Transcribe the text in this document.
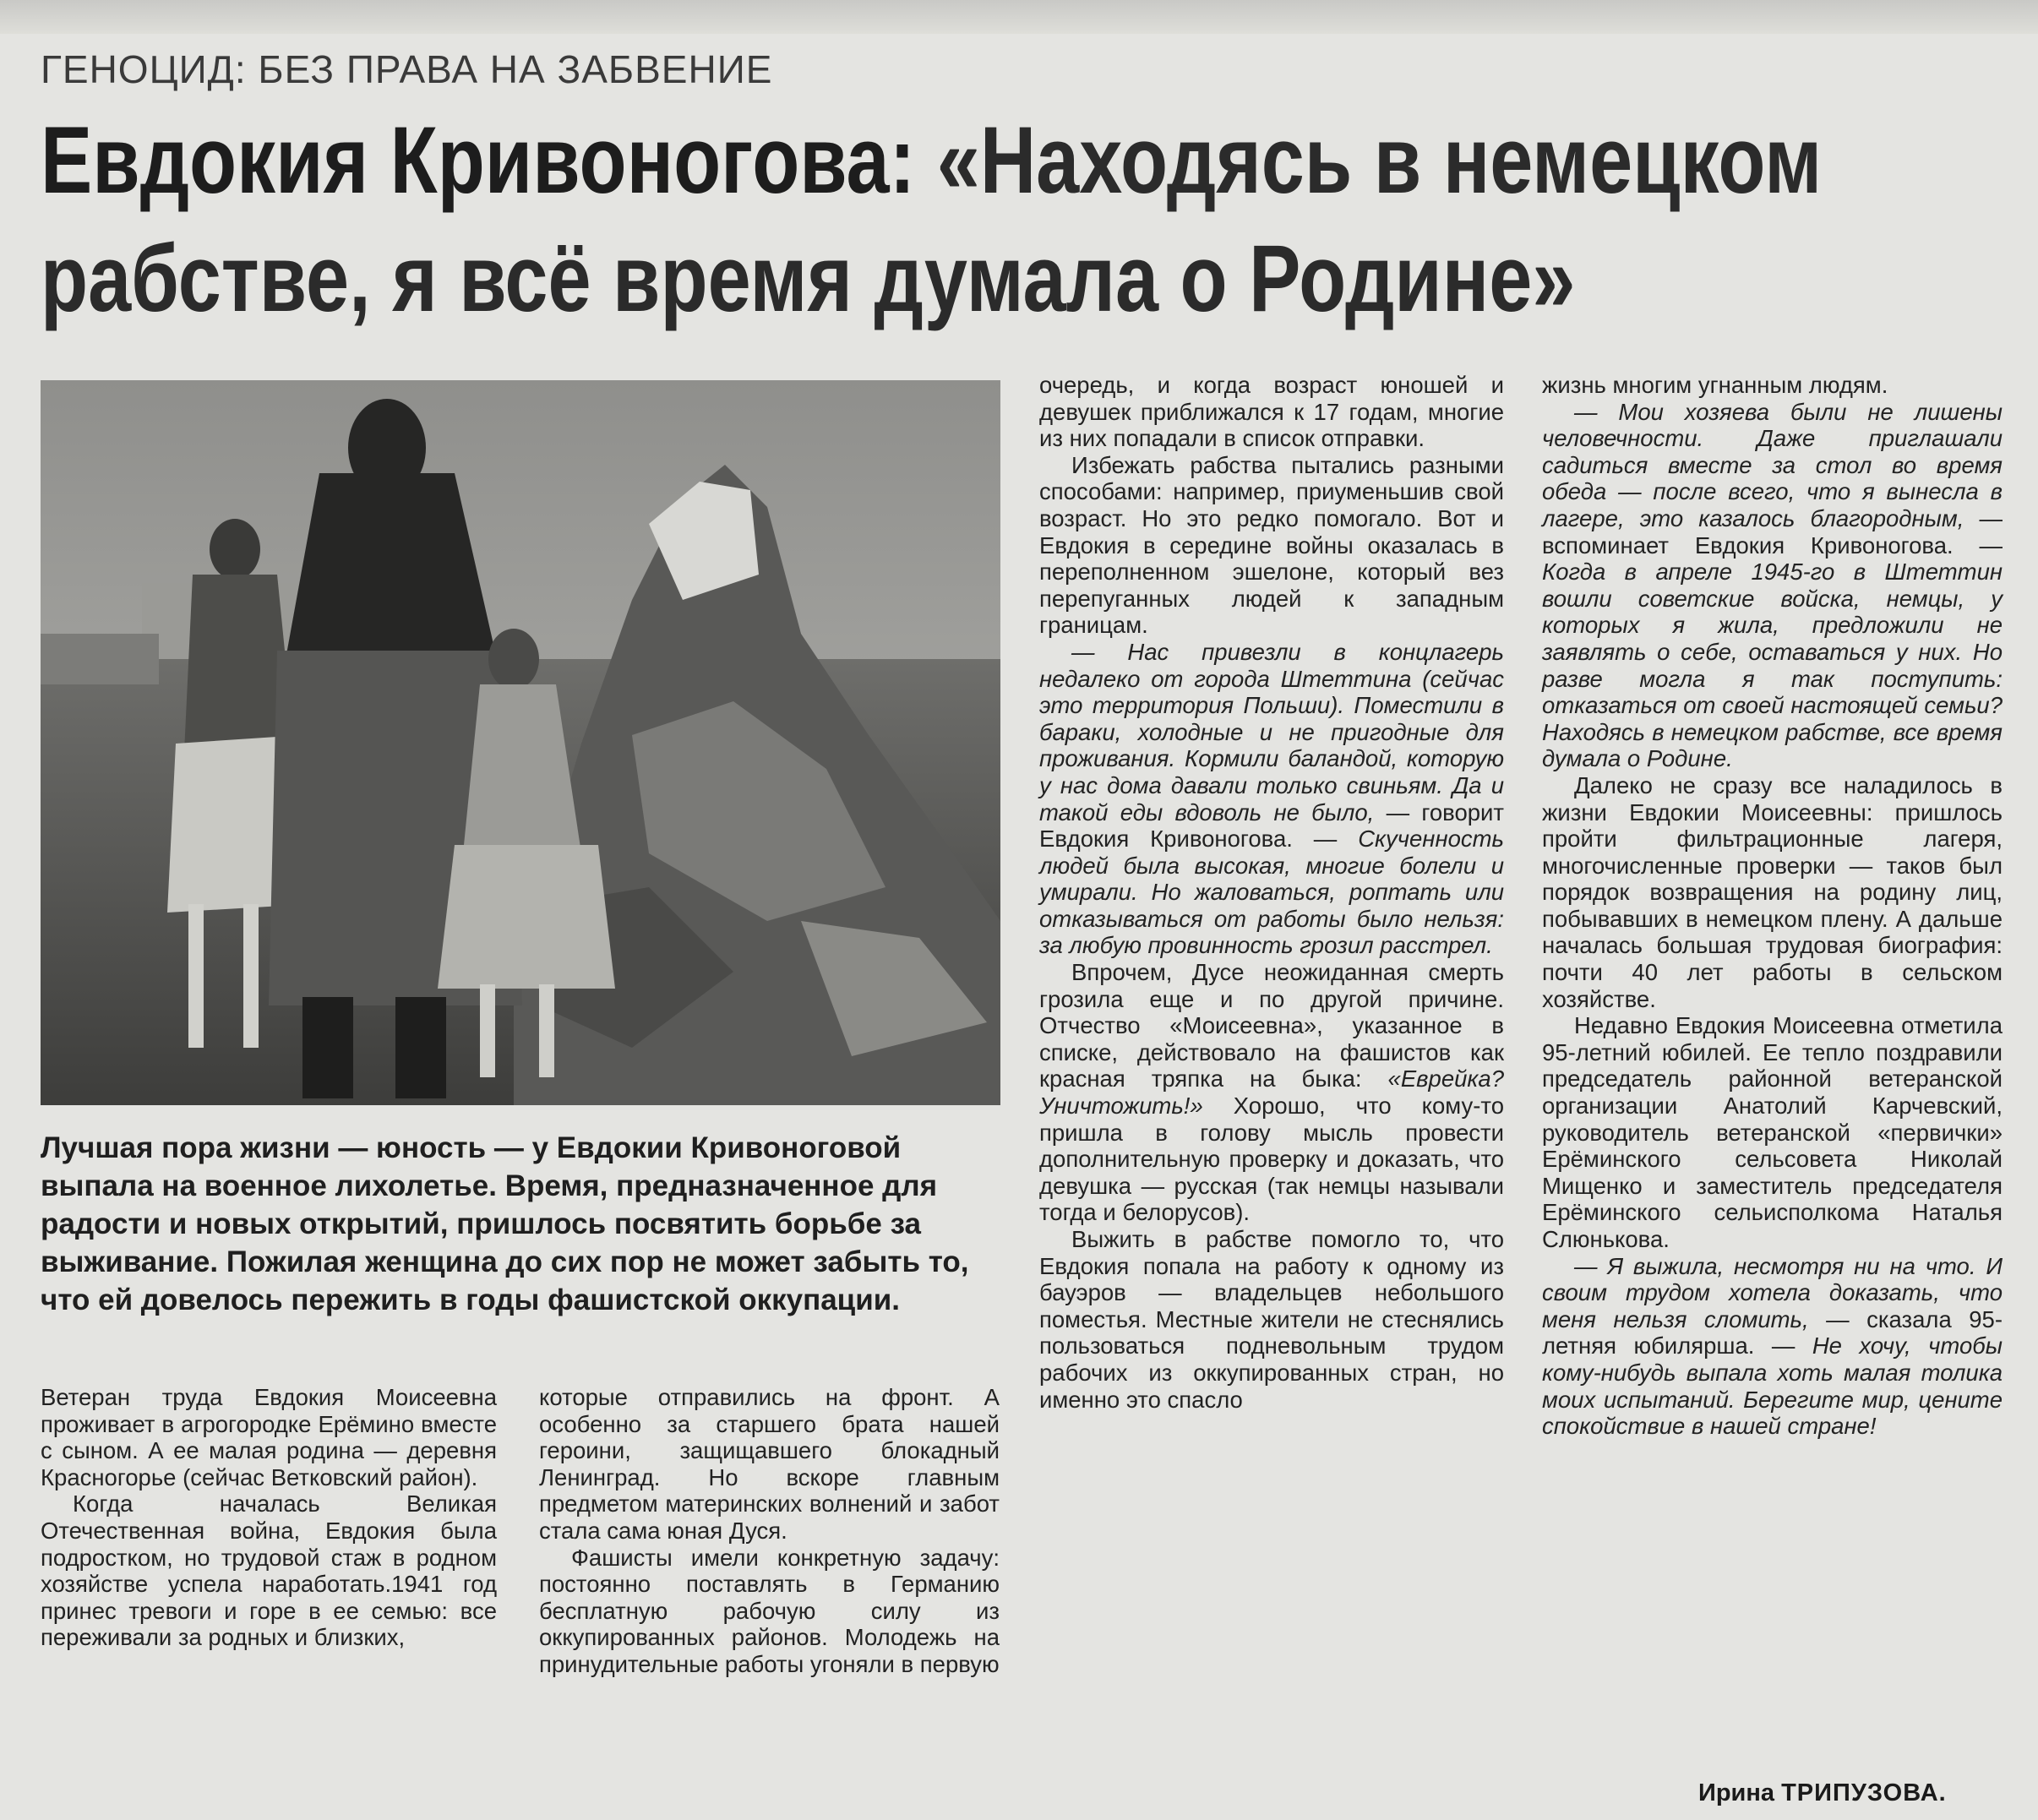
ГЕНОЦИД: БЕЗ ПРАВА НА ЗАБВЕНИЕ
Евдокия Кривоногова: «Находясь в немецком рабстве, я всё время думала о Родине»

Лучшая пора жизни — юность — у Евдокии Кривоноговой выпала на военное лихолетье. Время, предназначенное для радости и новых открытий, пришлось посвятить борьбе за выживание. Пожилая женщина до сих пор не может забыть то, что ей довелось пережить в годы фашистской оккупации.

Ветеран труда Евдокия Моисеевна проживает в агрогородке Ерёмино вместе с сыном. А ее малая родина — деревня Красногорье (сейчас Ветковский район).

Когда началась Великая Отечественная война, Евдокия была подростком, но трудовой стаж в родном хозяйстве успела наработать.1941 год принес тревоги и горе в ее семью: все переживали за родных и близких,

которые отправились на фронт. А особенно за старшего брата нашей героини, защищавшего блокадный Ленинград. Но вскоре главным предметом материнских волнений и забот стала сама юная Дуся.

Фашисты имели конкретную задачу: постоянно поставлять в Германию бесплатную рабочую силу из оккупированных районов. Молодежь на принудительные работы угоняли в первую

очередь, и когда возраст юношей и девушек приближался к 17 годам, многие из них попадали в список отправки.

Избежать рабства пытались разными способами: например, приуменьшив свой возраст. Но это редко помогало. Вот и Евдокия в середине войны оказалась в переполненном эшелоне, который вез перепуганных людей к западным границам.

— Нас привезли в концлагерь недалеко от города Штеттина (сейчас это территория Польши). Поместили в бараки, холодные и не пригодные для проживания. Кормили баландой, которую у нас дома давали только свиньям. Да и такой еды вдоволь не было, — говорит Евдокия Кривоногова. — Скученность людей была высокая, многие болели и умирали. Но жаловаться, роптать или отказываться от работы было нельзя: за любую провинность грозил расстрел.

Впрочем, Дусе неожиданная смерть грозила еще и по другой причине. Отчество «Моисеевна», указанное в списке, действовало на фашистов как красная тряпка на быка: «Еврейка? Уничтожить!» Хорошо, что кому-то пришла в голову мысль провести дополнительную проверку и доказать, что девушка — русская (так немцы называли тогда и белорусов).

Выжить в рабстве помогло то, что Евдокия попала на работу к одному из бауэров — владельцев небольшого поместья. Местные жители не стеснялись пользоваться подневольным трудом рабочих из оккупированных стран, но именно это спасло

жизнь многим угнанным людям.

— Мои хозяева были не лишены человечности. Даже приглашали садиться вместе за стол во время обеда — после всего, что я вынесла в лагере, это казалось благородным, — вспоминает Евдокия Кривоногова. — Когда в апреле 1945-го в Штеттин вошли советские войска, немцы, у которых я жила, предложили не заявлять о себе, оставаться у них. Но разве могла я так поступить: отказаться от своей настоящей семьи? Находясь в немецком рабстве, все время думала о Родине.

Далеко не сразу все наладилось в жизни Евдокии Моисеевны: пришлось пройти фильтрационные лагеря, многочисленные проверки — таков был порядок возвращения на родину лиц, побывавших в немецком плену. А дальше началась большая трудовая биография: почти 40 лет работы в сельском хозяйстве.

Недавно Евдокия Моисеевна отметила 95-летний юбилей. Ее тепло поздравили председатель районной ветеранской организации Анатолий Карчевский, руководитель ветеранской «первички» Ерёминского сельсовета Николай Мищенко и заместитель председателя Ерёминского сельисполкома Наталья Слюнькова.

— Я выжила, несмотря ни на что. И своим трудом хотела доказать, что меня нельзя сломить, — сказала 95-летняя юбилярша. — Не хочу, чтобы кому-нибудь выпала хоть малая толика моих испытаний. Берегите мир, цените спокойствие в нашей стране!

Ирина ТРИПУЗОВА.
